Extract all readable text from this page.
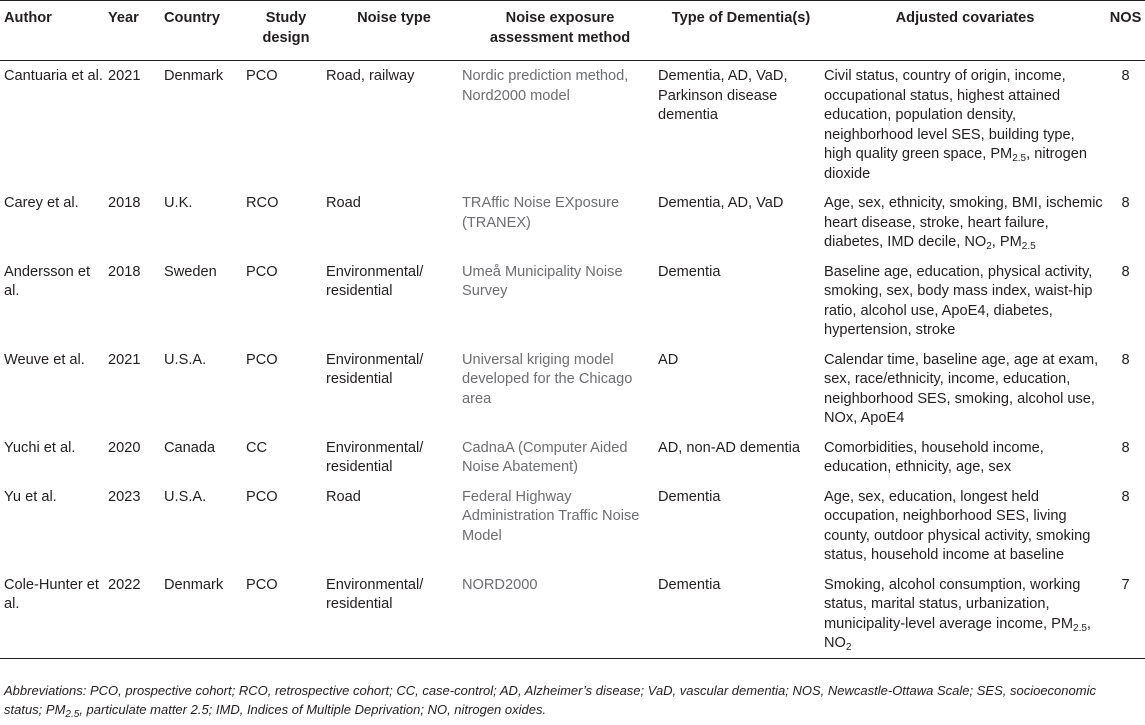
Author	Year	Country	Study design	Noise type	Noise exposure assessment method	Type of Dementia(s)	Adjusted covariates	NOS
Cantuaria et al.	2021	Denmark	PCO	Road, railway	Nordic prediction method, Nord2000 model	Dementia, AD, VaD, Parkinson disease dementia	Civil status, country of origin, income, occupational status, highest attained education, population density, neighborhood level SES, building type, high quality green space, $PM_{2.5}$, nitrogen dioxide	8
Carey et al.	2018	U.K.	RCO	Road	TRAffic Noise EXposure (TRANEX)	Dementia, AD, VaD	Age, sex, ethnicity, smoking, BMI, ischemic heart disease, stroke, heart failure, diabetes, IMD decile, $NO_2$, $PM_{2.5}$	8
Andersson et al.	2018	Sweden	PCO	Environmental/ residential	Umeå Municipality Noise Survey	Dementia	Baseline age, education, physical activity, smoking, sex, body mass index, waist-hip ratio, alcohol use, ApoE4, diabetes, hypertension, stroke	8
Weuve et al.	2021	U.S.A.	PCO	Environmental/ residential	Universal kriging model developed for the Chicago area	AD	Calendar time, baseline age, age at exam, sex, race/ethnicity, income, education, neighborhood SES, smoking, alcohol use, NOx, ApoE4	8
Yuchi et al.	2020	Canada	CC	Environmental/ residential	CadnaA (Computer Aided Noise Abatement)	AD, non-AD dementia	Comorbidities, household income, education, ethnicity, age, sex	8
Yu et al.	2023	U.S.A.	PCO	Road	Federal Highway Administration Traffic Noise Model	Dementia	Age, sex, education, longest held occupation, neighborhood SES, living county, outdoor physical activity, smoking status, household income at baseline	8
Cole-Hunter et al.	2022	Denmark	PCO	Environmental/ residential	NORD2000	Dementia	Smoking, alcohol consumption, working status, marital status, urbanization, municipality-level average income, $PM_{2.5}$, $NO_2$	7
Abbreviations: PCO, prospective cohort; RCO, retrospective cohort; CC, case-control; AD, Alzheimer’s disease; VaD, vascular dementia; NOS, Newcastle-Ottawa Scale; SES, socioeconomic status; $PM_{2.5}$, particulate matter 2.5; IMD, Indices of Multiple Deprivation; NO, nitrogen oxides.
